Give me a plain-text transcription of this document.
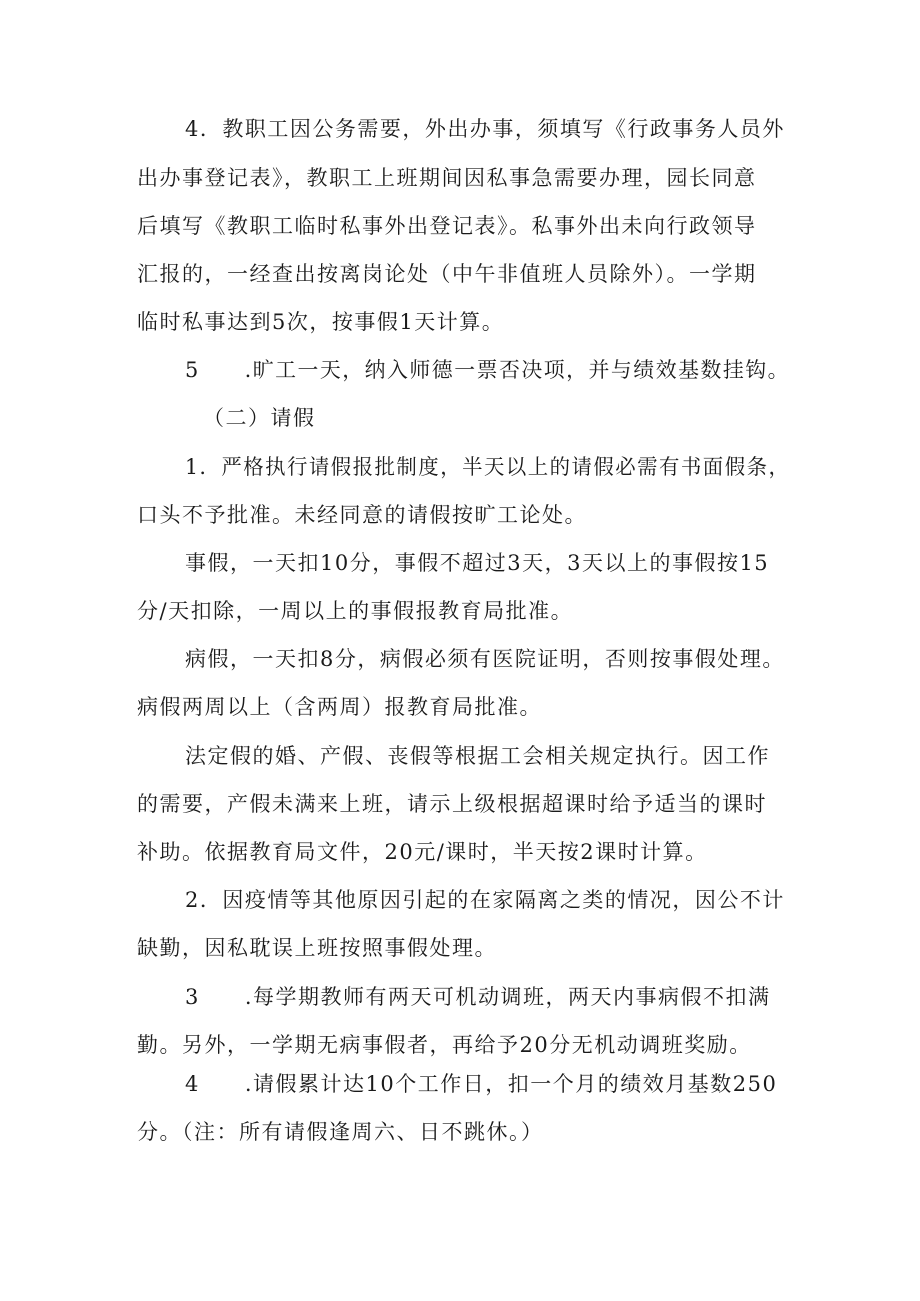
4．教职工因公务需要，外出办事，须填写《行政事务人员外
出办事登记表》，教职工上班期间因私事急需要办理，园长同意
后填写《教职工临时私事外出登记表》。私事外出未向行政领导
汇报的，一经查出按离岗论处（中午非值班人员除外）。一学期
临时私事达到5次，按事假1天计算。
5　　.旷工一天，纳入师德一票否决项，并与绩效基数挂钩。
（二）请假
1．严格执行请假报批制度，半天以上的请假必需有书面假条，
口头不予批准。未经同意的请假按旷工论处。
事假，一天扣10分，事假不超过3天，3天以上的事假按15
分/天扣除，一周以上的事假报教育局批准。
病假，一天扣8分，病假必须有医院证明，否则按事假处理。
病假两周以上（含两周）报教育局批准。
法定假的婚、产假、丧假等根据工会相关规定执行。因工作
的需要，产假未满来上班，请示上级根据超课时给予适当的课时
补助。依据教育局文件，20元/课时，半天按2课时计算。
2．因疫情等其他原因引起的在家隔离之类的情况，因公不计
缺勤，因私耽误上班按照事假处理。
3　　.每学期教师有两天可机动调班，两天内事病假不扣满
勤。另外，一学期无病事假者，再给予20分无机动调班奖励。
4　　.请假累计达10个工作日，扣一个月的绩效月基数250
分。（注：所有请假逢周六、日不跳休。）
